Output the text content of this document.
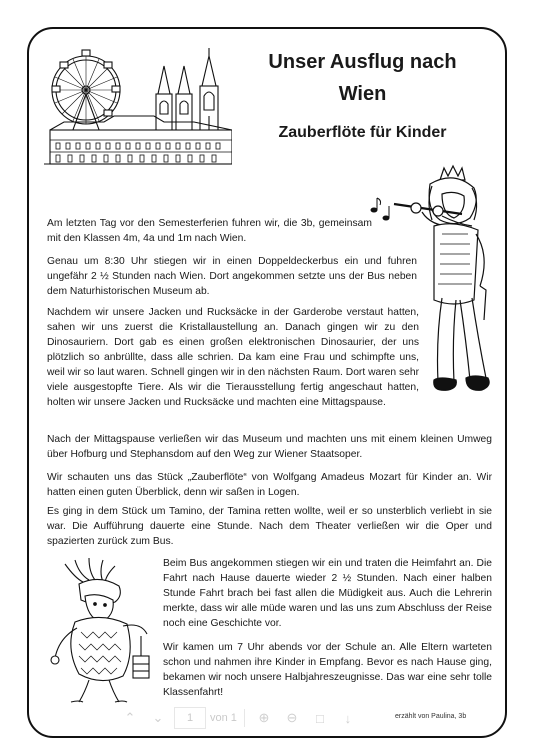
Unser Ausflug nach Wien
Zauberflöte für Kinder

Am letzten Tag vor den Semesterferien fuhren wir, die 3b, gemeinsam mit den Klassen 4m, 4a und 1m nach Wien.

Genau um 8:30 Uhr stiegen wir in einen Doppeldeckerbus ein und fuhren ungefähr 2 ½ Stunden nach Wien. Dort angekommen setzte uns der Bus neben dem Naturhistorischen Museum ab.

Nachdem wir unsere Jacken und Rucksäcke in der Garderobe verstaut hatten, sahen wir uns zuerst die Kristallaustellung an. Danach gingen wir zu den Dinosauriern. Dort gab es einen großen elektronischen Dinosaurier, der uns plötzlich so anbrüllte, dass alle schrien. Da kam eine Frau und schimpfte uns, weil wir so laut waren. Schnell gingen wir in den nächsten Raum. Dort waren sehr viele ausgestopfte Tiere. Als wir die Tierausstellung fertig angeschaut hatten, holten wir unsere Jacken und Rucksäcke und machten eine Mittagspause.

Nach der Mittagspause verließen wir das Museum und machten uns mit einem kleinen Umweg über Hofburg und Stephansdom auf den Weg zur Wiener Staatsoper.

Wir schauten uns das Stück „Zauberflöte“ von Wolfgang Amadeus Mozart für Kinder an. Wir hatten einen guten Überblick, denn wir saßen in Logen.

Es ging in dem Stück um Tamino, der Tamina retten wollte, weil er so unsterblich verliebt in sie war. Die Aufführung dauerte eine Stunde. Nach dem Theater verließen wir die Oper und spazierten zurück zum Bus.

Beim Bus angekommen stiegen wir ein und traten die Heimfahrt an. Die Fahrt nach Hause dauerte wieder 2 ½ Stunden. Nach einer halben Stunde Fahrt brach bei fast allen die Müdigkeit aus. Auch die Lehrerin merkte, dass wir alle müde waren und las uns zum Abschluss der Reise noch eine Geschichte vor.

Wir kamen um 7 Uhr abends vor der Schule an. Alle Eltern warteten schon und nahmen ihre Kinder in Empfang. Bevor es nach Hause ging, bekamen wir noch unsere Halbjahreszeugnisse. Das war eine sehr tolle Klassenfahrt!

⌃	⌄	1	von 1	⊕	⊖	□	↓	erzählt von Paulina, 3b
